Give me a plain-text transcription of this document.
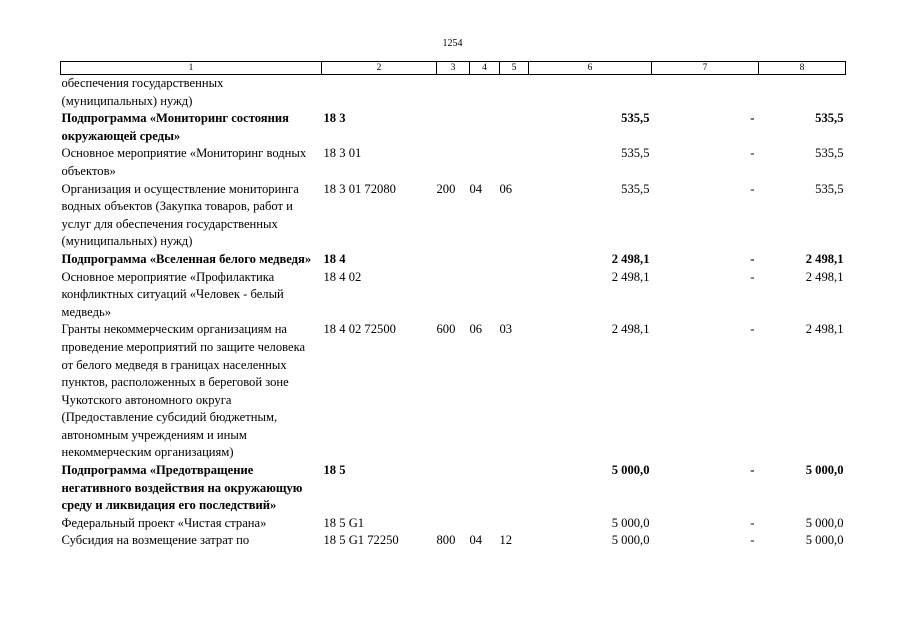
1254
1	2	3	4	5	6	7	8
обеспечения государственных (муниципальных) нужд)							
Подпрограмма «Мониторинг состояния окружающей среды»	18 3				535,5	-	535,5
Основное мероприятие «Мониторинг водных объектов»	18 3 01				535,5	-	535,5
Организация и осуществление мониторинга водных объектов (Закупка товаров, работ и услуг для обеспечения государственных (муниципальных) нужд)	18 3 01 72080	200	04	06	535,5	-	535,5
Подпрограмма «Вселенная белого медведя»	18 4				2 498,1	-	2 498,1
Основное мероприятие «Профилактика конфликтных ситуаций «Человек - белый медведь»	18 4 02				2 498,1	-	2 498,1
Гранты некоммерческим организациям на проведение мероприятий по защите человека от белого медведя в границах населенных пунктов, расположенных в береговой зоне Чукотского автономного округа (Предоставление субсидий бюджетным, автономным учреждениям и иным некоммерческим организациям)	18 4 02 72500	600	06	03	2 498,1	-	2 498,1
Подпрограмма «Предотвращение негативного воздействия на окружающую среду и ликвидация его последствий»	18 5				5 000,0	-	5 000,0
Федеральный проект «Чистая страна»	18 5 G1				5 000,0	-	5 000,0
Субсидия на возмещение затрат по	18 5 G1 72250	800	04	12	5 000,0	-	5 000,0
